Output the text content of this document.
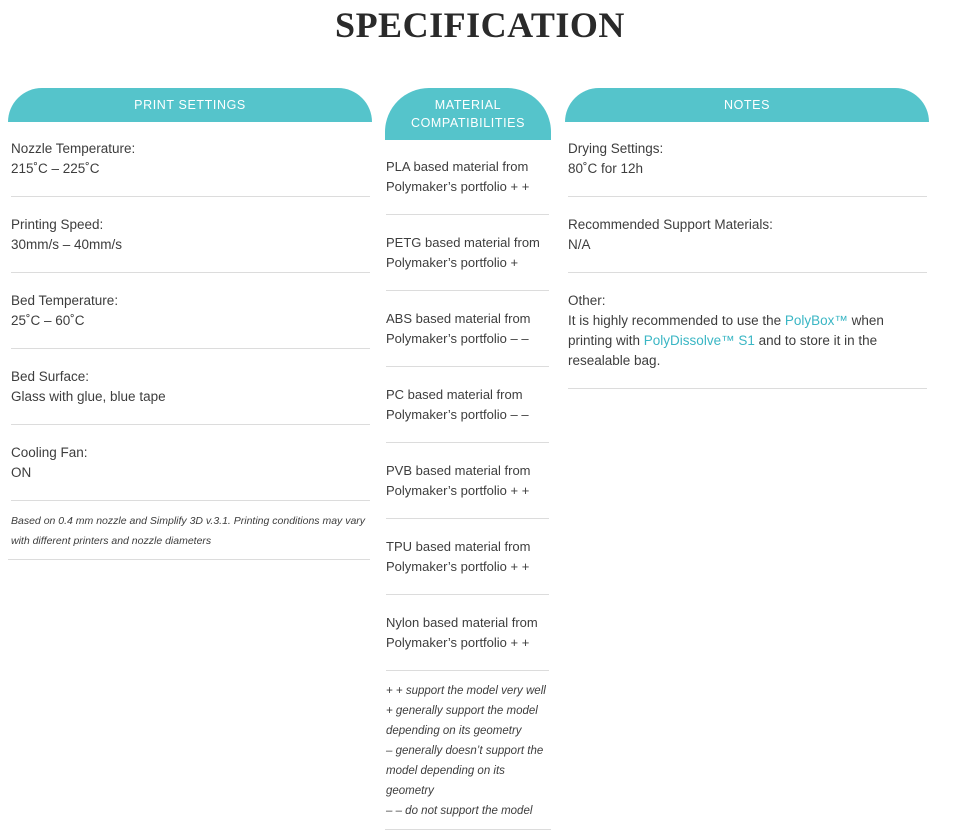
SPECIFICATION
PRINT SETTINGS
Nozzle Temperature:
215˚C – 225˚C
Printing Speed:
30mm/s – 40mm/s
Bed Temperature:
25˚C – 60˚C
Bed Surface:
Glass with glue, blue tape
Cooling Fan:
ON

Based on 0.4 mm nozzle and Simplify 3D v.3.1. Printing conditions may vary with different printers and nozzle diameters

MATERIAL
COMPATIBILITIES
PLA based material from Polymaker’s portfolio + +
PETG based material from Polymaker’s portfolio +
ABS based material from Polymaker’s portfolio – –
PC based material from Polymaker’s portfolio – –
PVB based material from Polymaker’s portfolio + +
TPU based material from Polymaker’s portfolio + +
Nylon based material from Polymaker’s portfolio + +
+ + support the model very well
+ generally support the model depending on its geometry
– generally doesn’t support the model depending on its geometry
– – do not support the model
NOTES
Drying Settings:
80˚C for 12h
Recommended Support Materials:
N/A
Other:
It is highly recommended to use the PolyBox™ when printing with PolyDissolve™ S1 and to store it in the resealable bag.
